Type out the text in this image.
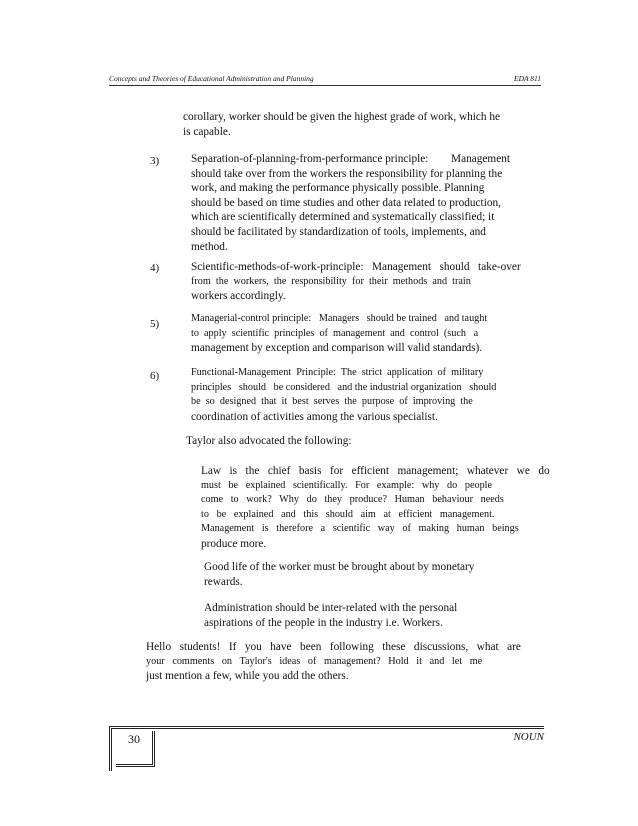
Concepts and Theories of Educational Administration and Planning	EDA 811
corollary, worker should be given the highest grade of work, which he
is capable.
3)	Separation-of-planning-from-performance principle:        Management
should take over from the workers the responsibility for planning the
work, and making the performance physically possible. Planning
should be based on time studies and other data related to production,
which are scientifically determined and systematically classified; it
should be facilitated by standardization of tools, implements, and
method.
4)	Scientific-methods-of-work-principle:   Management   should   take-over
from  the  workers,  the  responsibility  for  their  methods  and  train
workers accordingly.
5)	Managerial-control principle:   Managers   should be trained   and taught
to  apply  scientific  principles  of  management  and  control  (such   a
management by exception and comparison will valid standards).
6)	Functional-Management  Principle:  The  strict  application  of  military
principles   should   be considered   and the industrial organization   should
be  so  designed  that  it  best  serves  the  purpose  of  improving  the
coordination of activities among the various specialist.
Taylor also advocated the following:
Law   is   the   chief   basis   for   efficient   management;   whatever   we   do
must   be   explained   scientifically.   For   example:   why   do   people
come   to   work?   Why   do   they   produce?   Human   behaviour   needs
to   be   explained   and   this   should   aim   at   efficient   management.
Management   is   therefore   a   scientific   way   of   making   human   beings
produce more.
Good life of the worker must be brought about by monetary
rewards.
Administration should be inter-related with the personal
aspirations of the people in the industry i.e. Workers.
Hello   students!   If   you   have   been   following   these   discussions,   what   are
your   comments   on   Taylor's   ideas   of   management?   Hold   it   and   let   me
just mention a few, while you add the others.
30	NOUN
